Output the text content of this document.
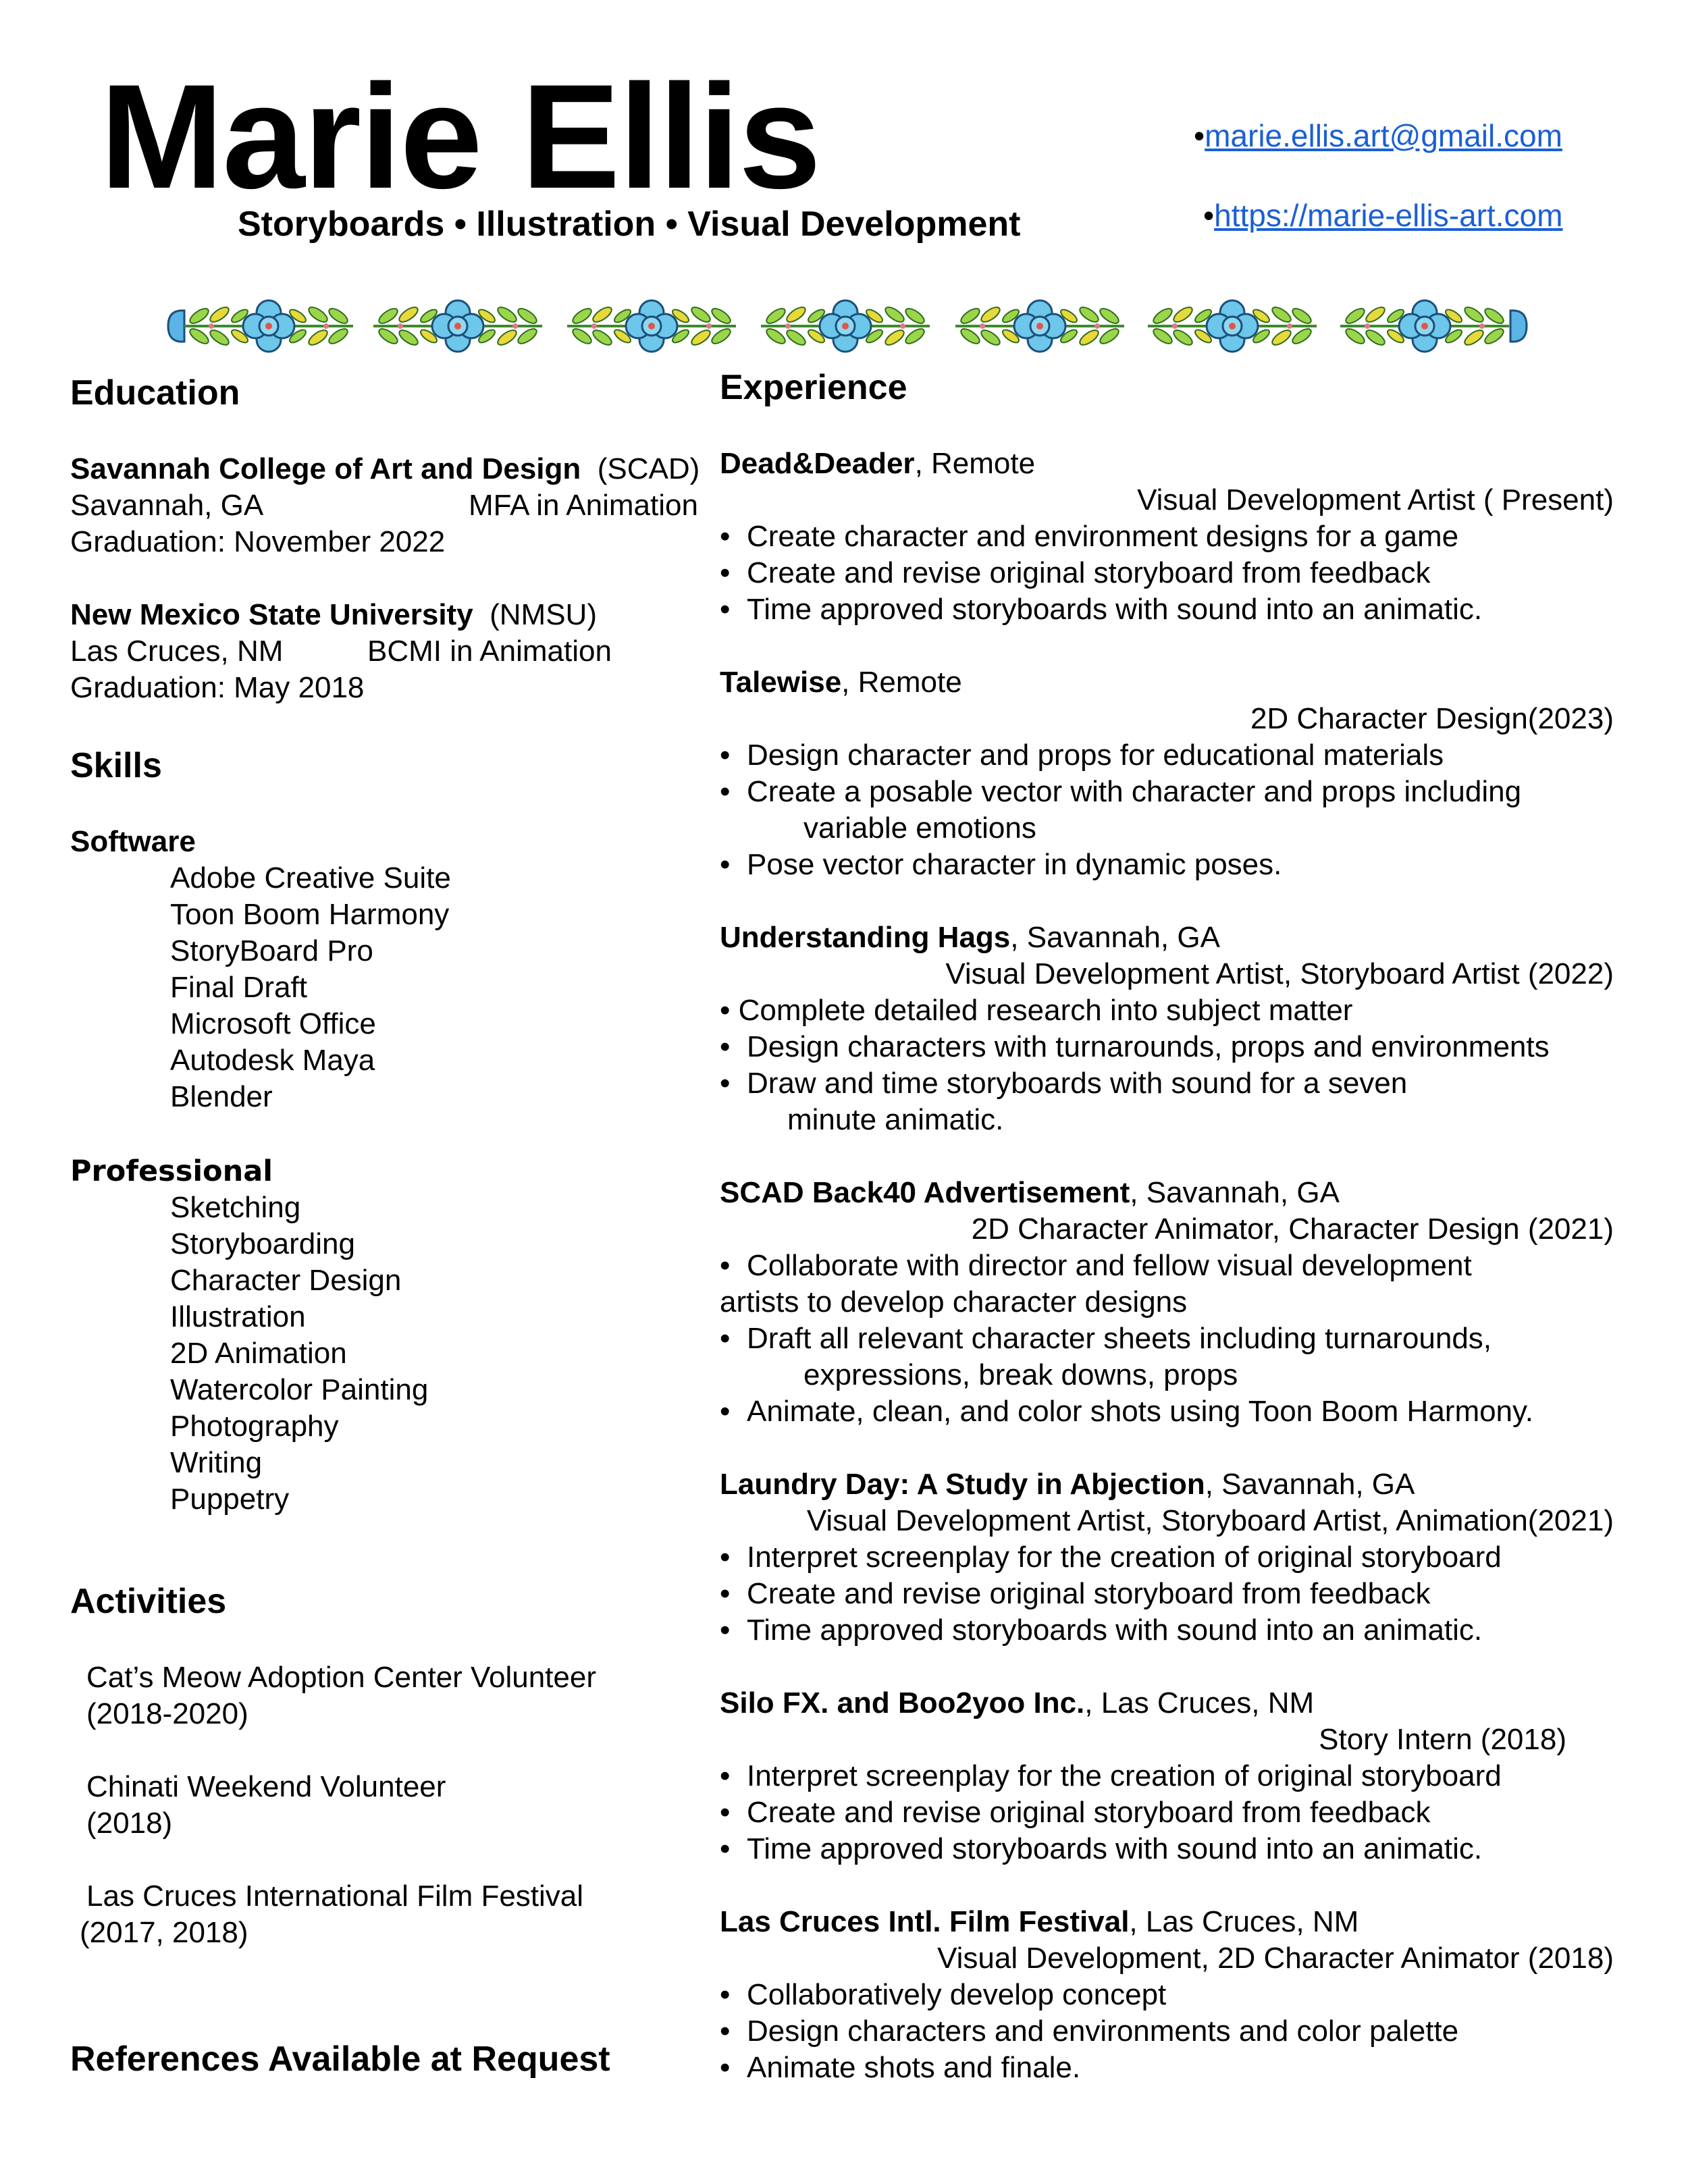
Marie Ellis
Storyboards • Illustration • Visual Development
•marie.ellis.art@gmail.com
•https://marie-ellis-art.com
Education
Savannah College of Art and Design (SCAD)
Savannah, GA	MFA in Animation
Graduation: November 2022
New Mexico State University (NMSU)
Las Cruces, NM	BCMI in Animation
Graduation: May 2018
Skills
Software
Adobe Creative Suite
Toon Boom Harmony
StoryBoard Pro
Final Draft
Microsoft Office
Autodesk Maya
Blender
Professional
Sketching
Storyboarding
Character Design
Illustration
2D Animation
Watercolor Painting
Photography
Writing
Puppetry
Activities
Cat’s Meow Adoption Center Volunteer
(2018-2020)
Chinati Weekend Volunteer
(2018)
Las Cruces International Film Festival
(2017, 2018)
References Available at Request
Experience
Dead&Deader, Remote
Visual Development Artist ( Present)
• Create character and environment designs for a game
• Create and revise original storyboard from feedback
• Time approved storyboards with sound into an animatic.
Talewise, Remote
2D Character Design(2023)
• Design character and props for educational materials
• Create a posable vector with character and props including
variable emotions
• Pose vector character in dynamic poses.
Understanding Hags, Savannah, GA
Visual Development Artist, Storyboard Artist (2022)
• Complete detailed research into subject matter
• Design characters with turnarounds, props and environments
• Draw and time storyboards with sound for a seven
minute animatic.
SCAD Back40 Advertisement, Savannah, GA
2D Character Animator, Character Design (2021)
• Collaborate with director and fellow visual development
artists to develop character designs
• Draft all relevant character sheets including turnarounds,
expressions, break downs, props
• Animate, clean, and color shots using Toon Boom Harmony.
Laundry Day: A Study in Abjection, Savannah, GA
Visual Development Artist, Storyboard Artist, Animation(2021)
• Interpret screenplay for the creation of original storyboard
• Create and revise original storyboard from feedback
• Time approved storyboards with sound into an animatic.
Silo FX. and Boo2yoo Inc., Las Cruces, NM
Story Intern (2018)
• Interpret screenplay for the creation of original storyboard
• Create and revise original storyboard from feedback
• Time approved storyboards with sound into an animatic.
Las Cruces Intl. Film Festival, Las Cruces, NM
Visual Development, 2D Character Animator (2018)
• Collaboratively develop concept
• Design characters and environments and color palette
• Animate shots and finale.
